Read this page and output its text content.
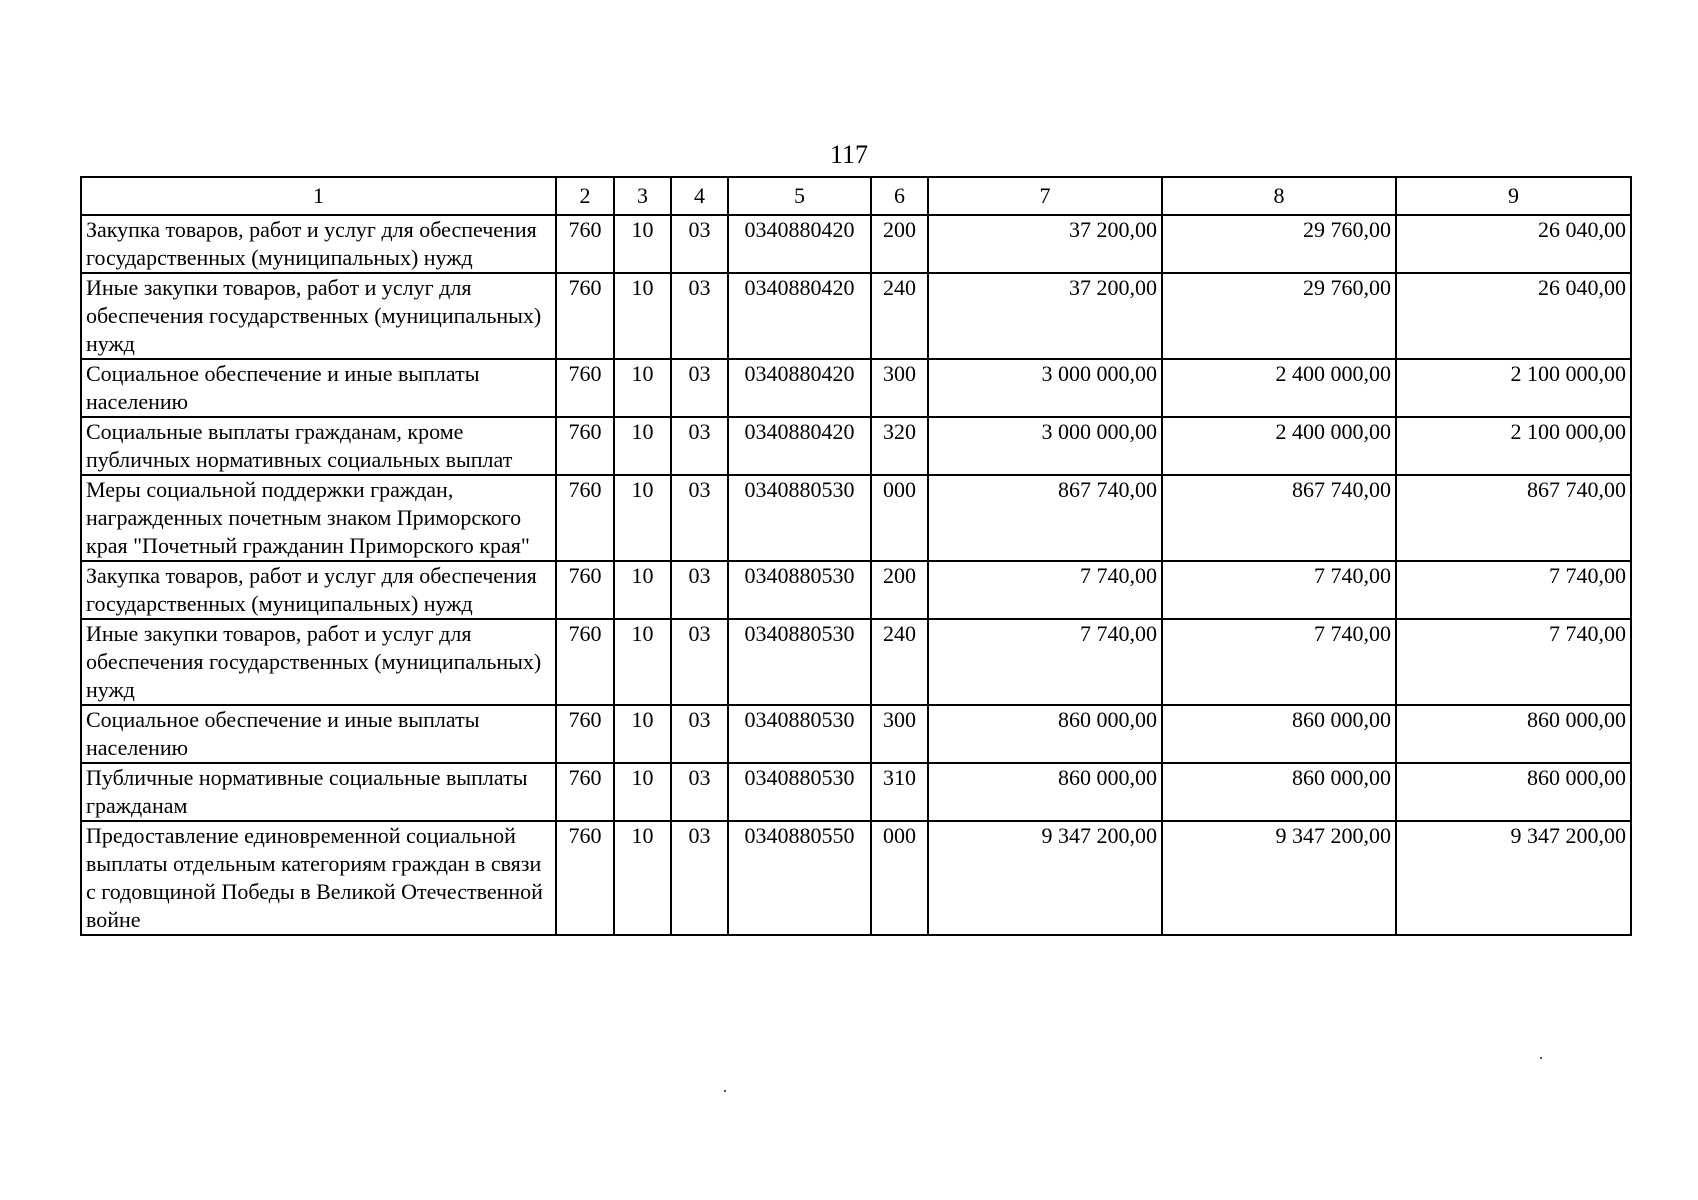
117
1	2	3	4	5	6	7	8	9
Закупка товаров, работ и услуг для обеспечения государственных (муниципальных) нужд	760	10	03	0340880420	200	37 200,00	29 760,00	26 040,00
Иные закупки товаров, работ и услуг для обеспечения государственных (муниципальных) нужд	760	10	03	0340880420	240	37 200,00	29 760,00	26 040,00
Социальное обеспечение и иные выплаты населению	760	10	03	0340880420	300	3 000 000,00	2 400 000,00	2 100 000,00
Социальные выплаты гражданам, кроме публичных нормативных социальных выплат	760	10	03	0340880420	320	3 000 000,00	2 400 000,00	2 100 000,00
Меры социальной поддержки граждан, награжденных почетным знаком Приморского края "Почетный гражданин Приморского края"	760	10	03	0340880530	000	867 740,00	867 740,00	867 740,00
Закупка товаров, работ и услуг для обеспечения государственных (муниципальных) нужд	760	10	03	0340880530	200	7 740,00	7 740,00	7 740,00
Иные закупки товаров, работ и услуг для обеспечения государственных (муниципальных) нужд	760	10	03	0340880530	240	7 740,00	7 740,00	7 740,00
Социальное обеспечение и иные выплаты населению	760	10	03	0340880530	300	860 000,00	860 000,00	860 000,00
Публичные нормативные социальные выплаты гражданам	760	10	03	0340880530	310	860 000,00	860 000,00	860 000,00
Предоставление единовременной социальной выплаты отдельным категориям граждан в связи с годовщиной Победы в Великой Отечественной войне	760	10	03	0340880550	000	9 347 200,00	9 347 200,00	9 347 200,00
